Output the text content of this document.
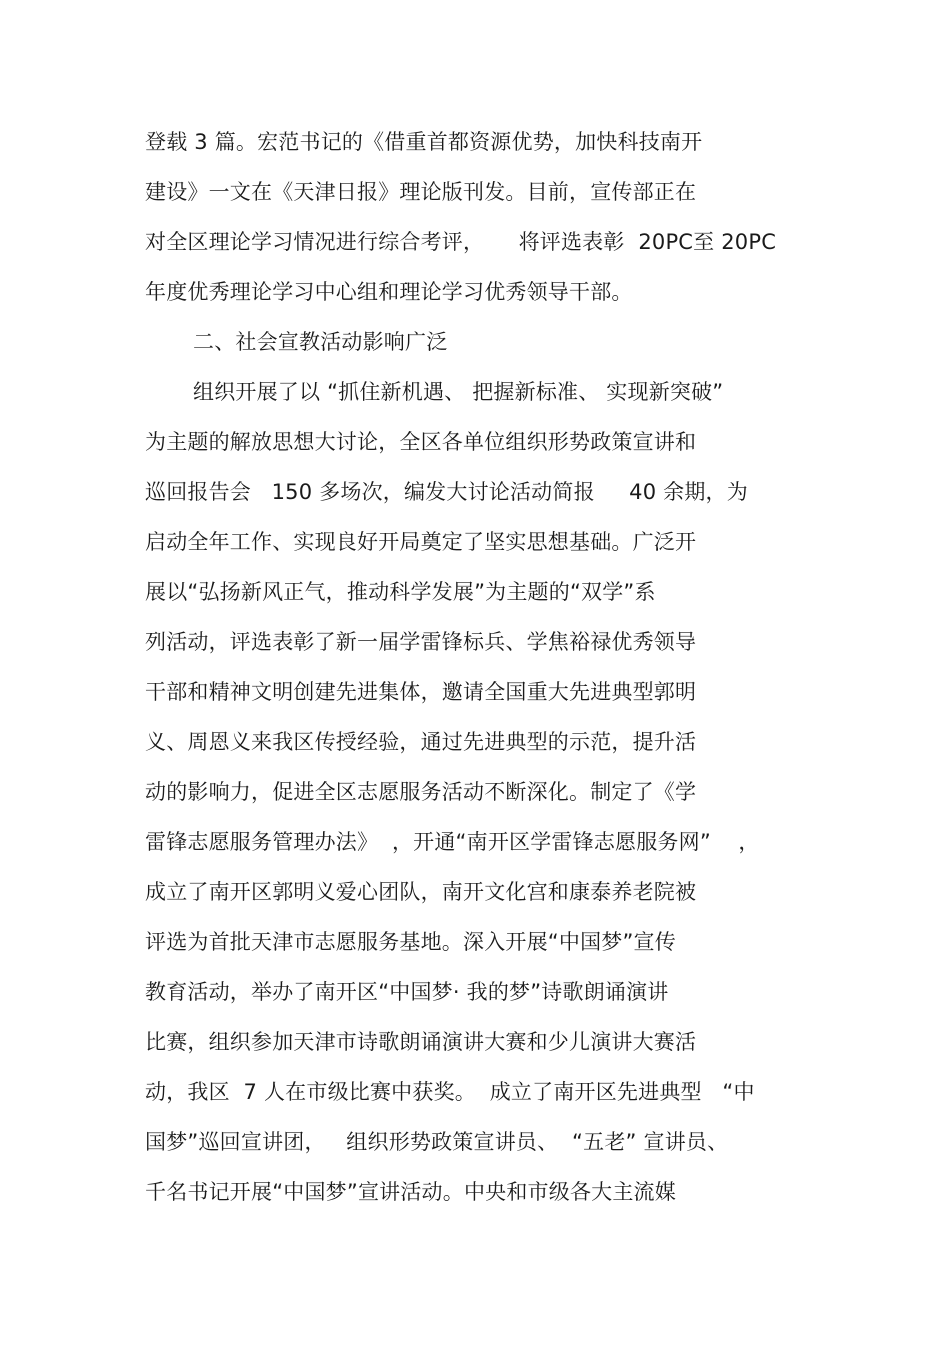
登载 3 篇。宏范书记的《借重首都资源优势，加快科技南开
建设》一文在《天津日报》理论版刊发。目前，宣传部正在
对全区理论学习情况进行综合考评，     将评选表彰  20PC至 20PC
年度优秀理论学习中心组和理论学习优秀领导干部。
二、社会宣教活动影响广泛
组织开展了以 “抓住新机遇、 把握新标准、 实现新突破”
为主题的解放思想大讨论，全区各单位组织形势政策宣讲和
巡回报告会   150 多场次，编发大讨论活动简报     40 余期，为
启动全年工作、实现良好开局奠定了坚实思想基础。广泛开
展以“弘扬新风正气，推动科学发展”为主题的“双学”系
列活动，评选表彰了新一届学雷锋标兵、学焦裕禄优秀领导
干部和精神文明创建先进集体，邀请全国重大先进典型郭明
义、周恩义来我区传授经验，通过先进典型的示范，提升活
动的影响力，促进全区志愿服务活动不断深化。制定了《学
雷锋志愿服务管理办法》  ，开通“南开区学雷锋志愿服务网”    ，
成立了南开区郭明义爱心团队，南开文化宫和康泰养老院被
评选为首批天津市志愿服务基地。深入开展“中国梦”宣传
教育活动，举办了南开区“中国梦· 我的梦”诗歌朗诵演讲
比赛，组织参加天津市诗歌朗诵演讲大赛和少儿演讲大赛活
动，我区  7 人在市级比赛中获奖。  成立了南开区先进典型   “中
国梦”巡回宣讲团，   组织形势政策宣讲员、  “五老” 宣讲员、
千名书记开展“中国梦”宣讲活动。中央和市级各大主流媒
